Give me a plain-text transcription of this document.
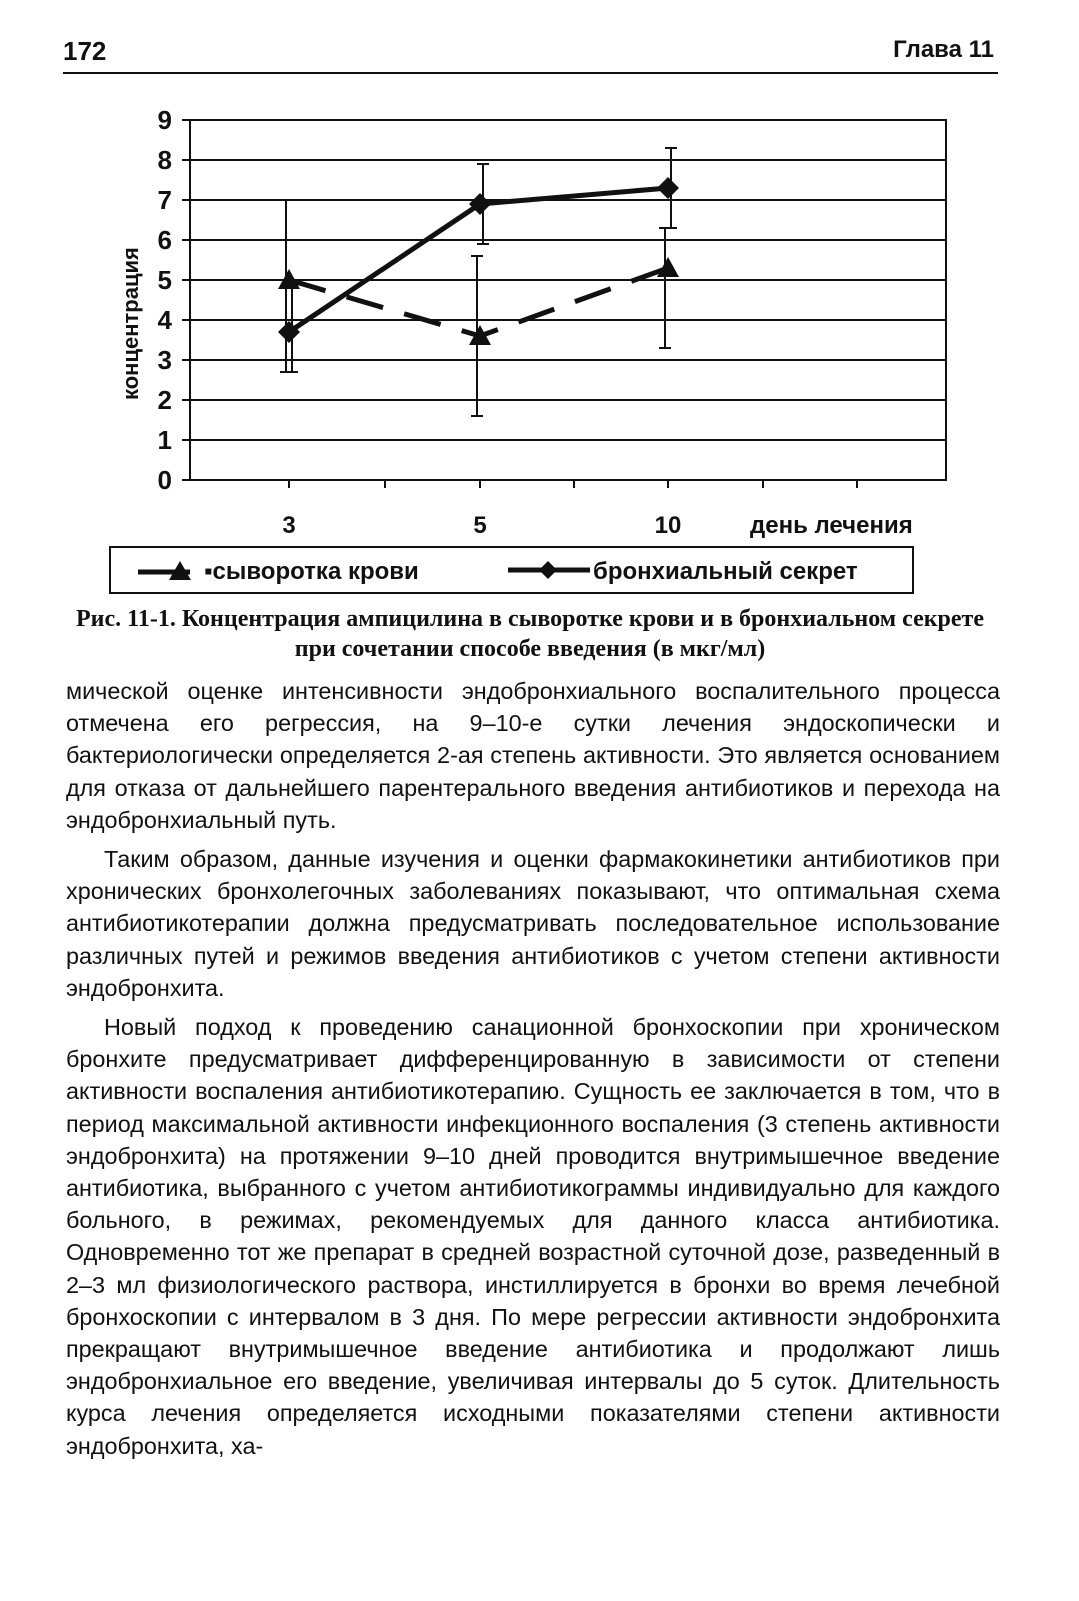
172	Глава 11
0
1
2
3
4
5
6
7
8
9
3	5	10
концентрация
день лечения
▪сыворотка крови	бронхиальный секрет
Рис. 11-1. Концентрация ампицилина в сыворотке крови и в бронхиальном секрете при сочетании способе введения (в мкг/мл)

мической оценке интенсивности эндобронхиального воспалительного процесса отмечена его регрессия, на 9–10-е сутки лечения эндоскопически и бактериологически определяется 2-ая степень активности. Это является основанием для отказа от дальнейшего парентерального введения антибиотиков и перехода на эндобронхиальный путь.

Таким образом, данные изучения и оценки фармакокинетики антибиотиков при хронических бронхолегочных заболеваниях показывают, что оптимальная схема антибиотикотерапии должна предусматривать последовательное использование различных путей и режимов введения антибиотиков с учетом степени активности эндобронхита.

Новый подход к проведению санационной бронхоскопии при хроническом бронхите предусматривает дифференцированную в зависимости от степени активности воспаления антибиотикотерапию. Сущность ее заключается в том, что в период максимальной активности инфекционного воспаления (3 степень активности эндобронхита) на протяжении 9–10 дней проводится внутримышечное введение антибиотика, выбранного с учетом антибиотикограммы индивидуально для каждого больного, в режимах, рекомендуемых для данного класса антибиотика. Одновременно тот же препарат в средней возрастной суточной дозе, разведенный в 2–3 мл физиологического раствора, инстиллируется в бронхи во время лечебной бронхоскопии с интервалом в 3 дня. По мере регрессии активности эндобронхита прекращают внутримышечное введение антибиотика и продолжают лишь эндобронхиальное его введение, увеличивая интервалы до 5 суток. Длительность курса лечения определяется исходными показателями степени активности эндобронхита, ха-
